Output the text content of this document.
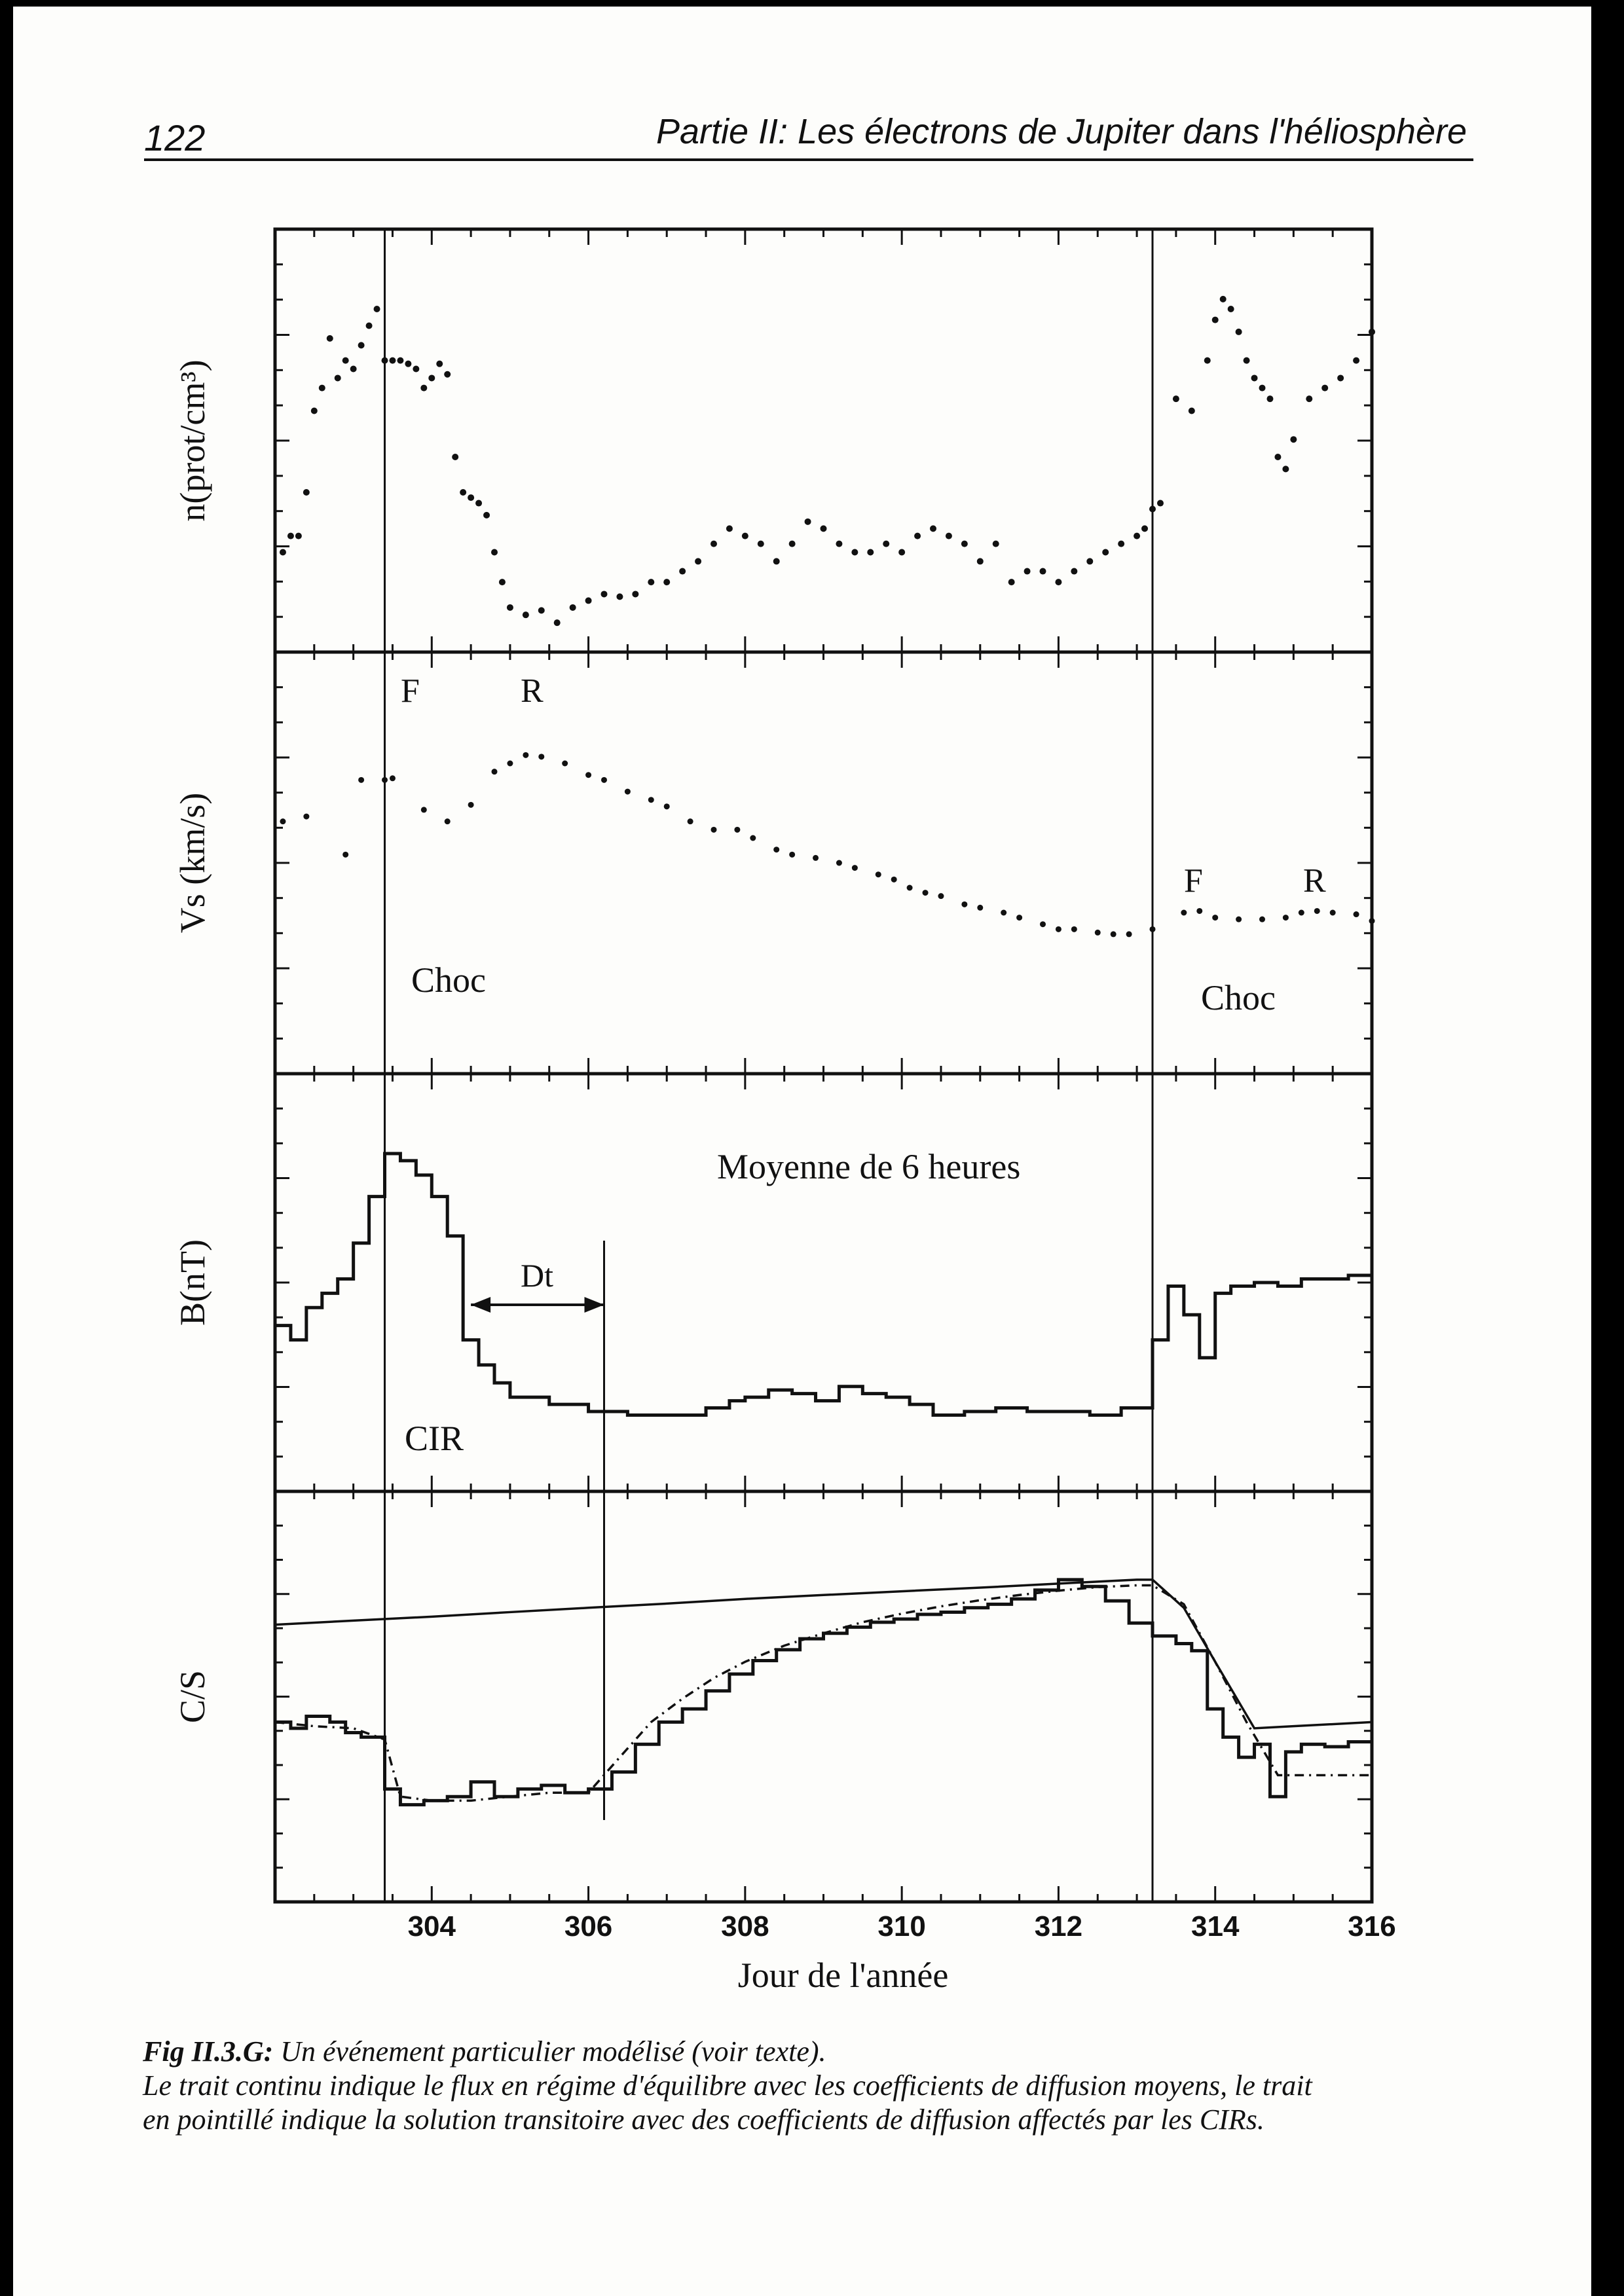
122	Partie II: Les électrons de Jupiter dans l'héliosphère
n(prot/cm³)
Vs (km/s)
B(nT)
C/S
304	306	308	310	312	314	316
Jour de l'année
F	R
Choc
F	R
Choc
Moyenne de 6 heures
Dt
CIR
Fig II.3.G: Un événement particulier modélisé (voir texte).
Le trait continu indique le flux en régime d'équilibre avec les coefficients de diffusion moyens, le trait
en pointillé indique la solution transitoire avec des coefficients de diffusion affectés par les CIRs.
